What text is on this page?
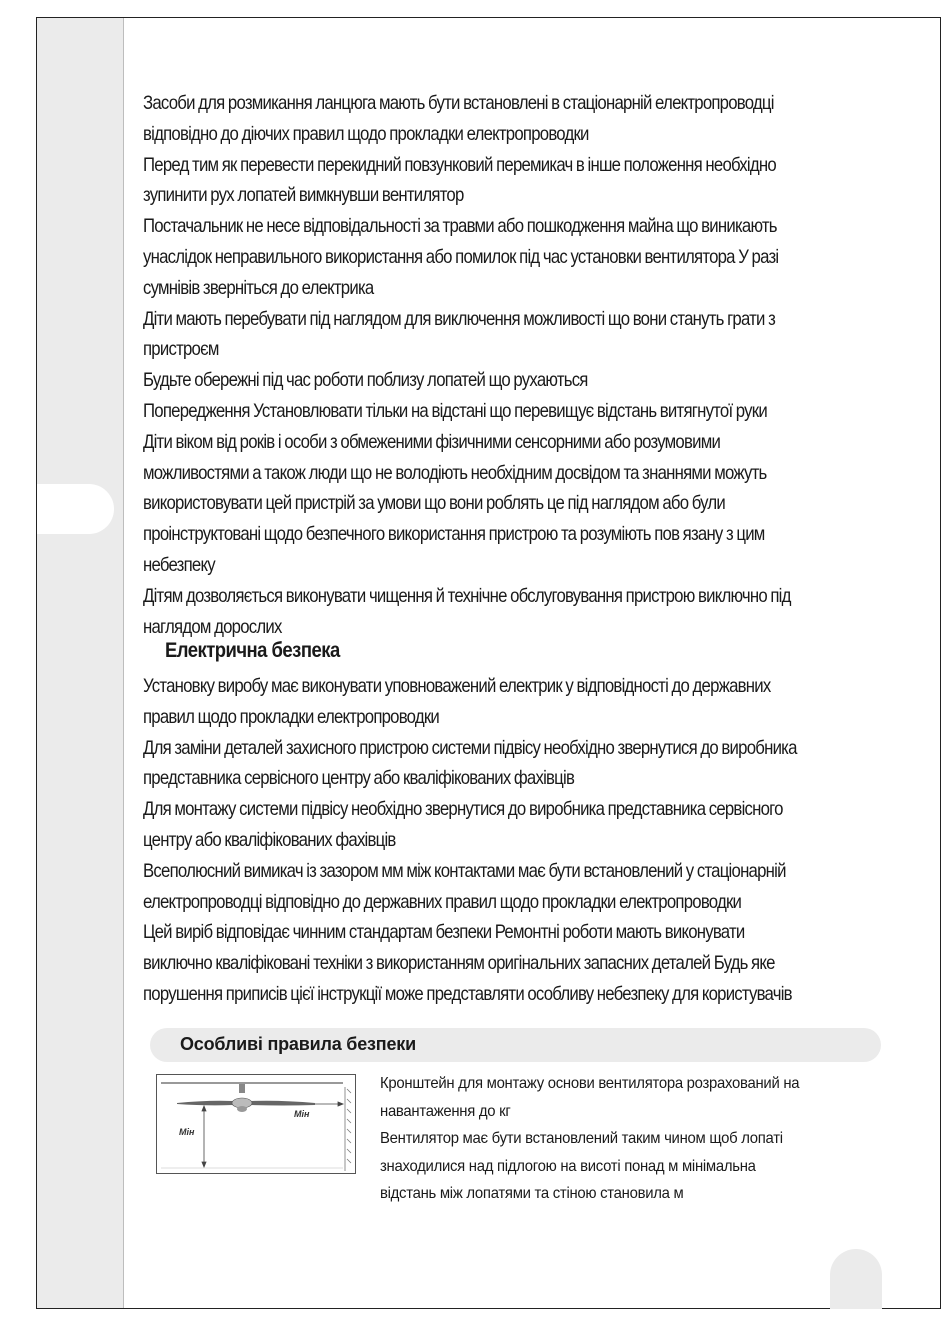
Засоби для розмикання ланцюга мають бути встановлені в стаціонарній електропроводці
відповідно до діючих правил щодо прокладки електропроводки
Перед тим як перевести перекидний повзунковий перемикач в інше положення необхідно
зупинити рух лопатей вимкнувши вентилятор
Постачальник не несе відповідальності за травми або пошкодження майна що виникають
унаслідок неправильного використання або помилок під час установки вентилятора У разі
сумнівів зверніться до електрика
Діти мають перебувати під наглядом для виключення можливості що вони стануть грати з
пристроєм
Будьте обережні під час роботи поблизу лопатей що рухаються
Попередження Установлювати тільки на відстані що перевищує відстань витягнутої руки
Діти віком від років і особи з обмеженими фізичними сенсорними або розумовими
можливостями а також люди що не володіють необхідним досвідом та знаннями можуть
використовувати цей пристрій за умови що вони роблять це під наглядом або були
проінструктовані щодо безпечного використання пристрою та розуміють пов язану з цим
небезпеку
Дітям дозволяється виконувати чищення й технічне обслуговування пристрою виключно під
наглядом дорослих
Електрична безпека
Установку виробу має виконувати уповноважений електрик у відповідності до державних
правил щодо прокладки електропроводки
Для заміни деталей захисного пристрою системи підвісу необхідно звернутися до виробника
представника сервісного центру або кваліфікованих фахівців
Для монтажу системи підвісу необхідно звернутися до виробника представника сервісного
центру або кваліфікованих фахівців
Всеполюсний вимикач із зазором мм між контактами має бути встановлений у стаціонарній
електропроводці відповідно до державних правил щодо прокладки електропроводки
Цей виріб відповідає чинним стандартам безпеки Ремонтні роботи мають виконувати
виключно кваліфіковані техніки з використанням оригінальних запасних деталей Будь яке
порушення приписів цієї інструкції може представляти особливу небезпеку для користувачів
Особливі правила безпеки
Мін
Мін
Кронштейн для монтажу основи вентилятора розрахований на
навантаження до кг
Вентилятор має бути встановлений таким чином щоб лопаті
знаходилися над підлогою на висоті понад м мінімальна
відстань між лопатями та стіною становила м
